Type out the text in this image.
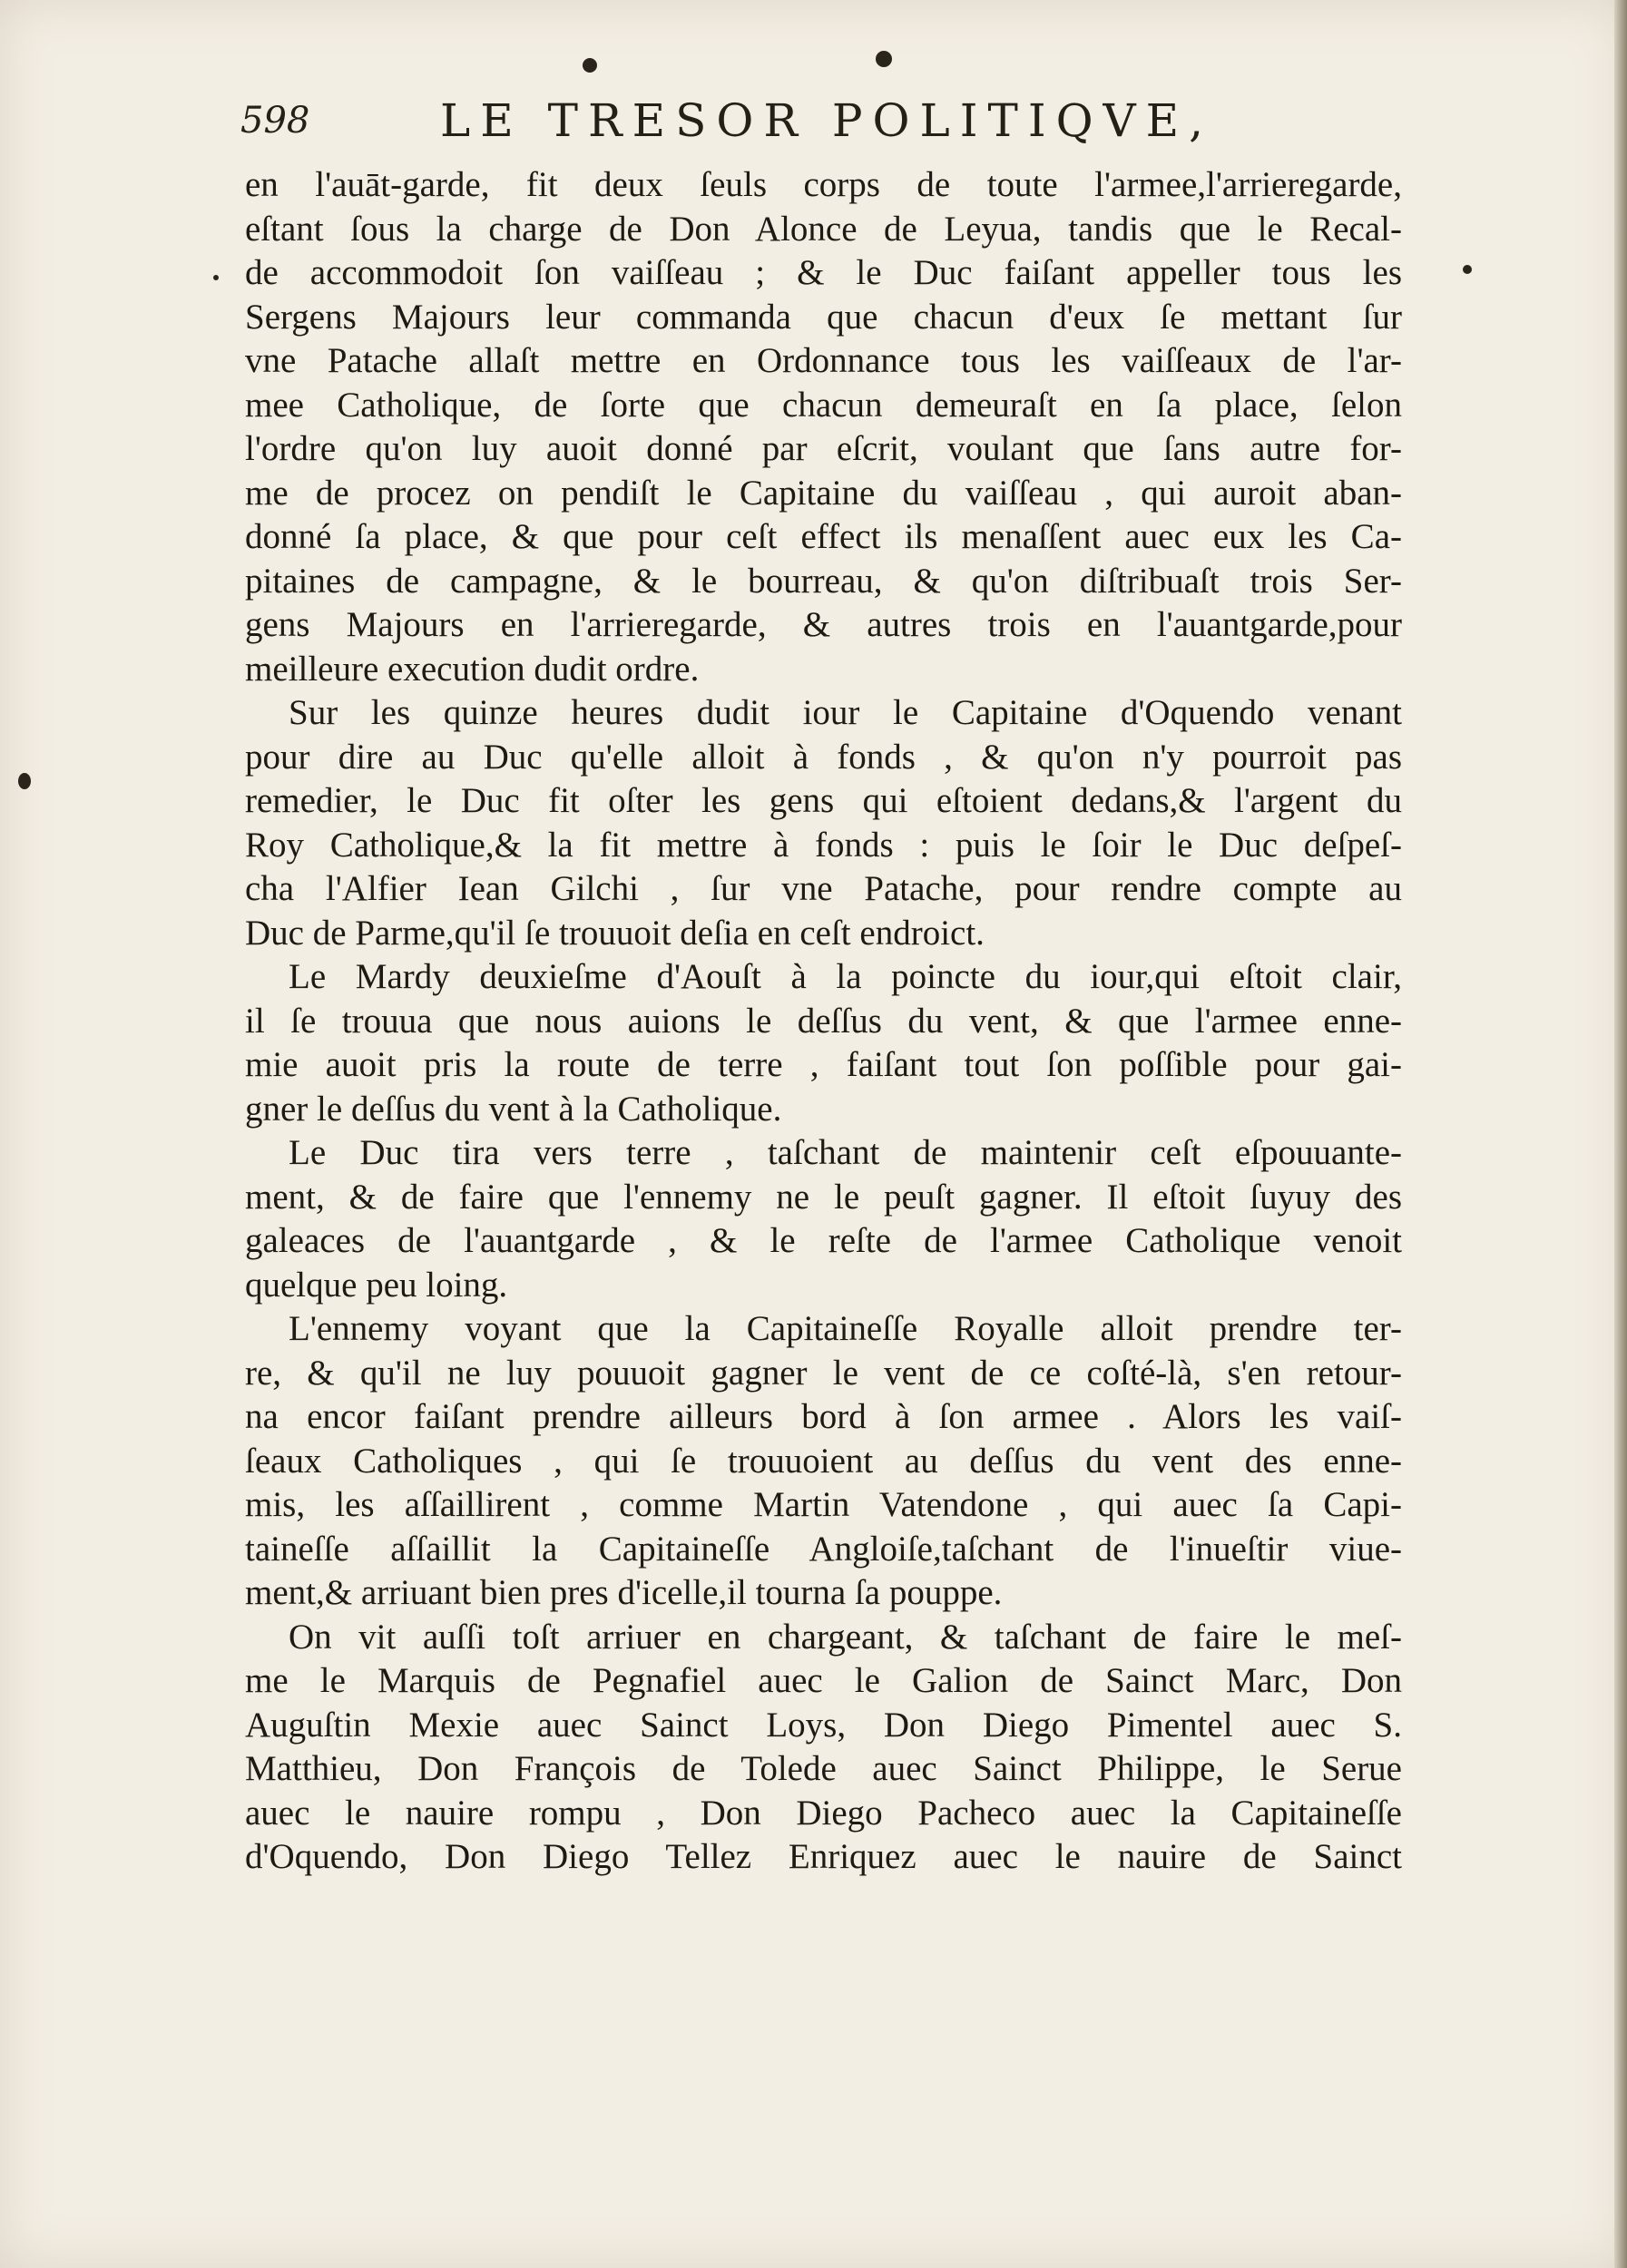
598	LE TRESOR POLITIQVE,
en l'auāt-garde, fit deux ſeuls corps de toute l'armee,l'arrieregarde,
eſtant ſous la charge de Don Alonce de Leyua, tandis que le Recal-
de accommodoit ſon vaiſſeau ; & le Duc faiſant appeller tous les
Sergens Majours leur commanda que chacun d'eux ſe mettant ſur
vne Patache allaſt mettre en Ordonnance tous les vaiſſeaux de l'ar-
mee Catholique, de ſorte que chacun demeuraſt en ſa place, ſelon
l'ordre qu'on luy auoit donné par eſcrit, voulant que ſans autre for-
me de procez on pendiſt le Capitaine du vaiſſeau , qui auroit aban-
donné ſa place, & que pour ceſt effect ils menaſſent auec eux les Ca-
pitaines de campagne, & le bourreau, & qu'on diſtribuaſt trois Ser-
gens Majours en l'arrieregarde, & autres trois en l'auantgarde,pour
meilleure execution dudit ordre.
Sur les quinze heures dudit iour le Capitaine d'Oquendo venant
pour dire au Duc qu'elle alloit à fonds , & qu'on n'y pourroit pas
remedier, le Duc fit oſter les gens qui eſtoient dedans,& l'argent du
Roy Catholique,& la fit mettre à fonds : puis le ſoir le Duc deſpeſ-
cha l'Alfier Iean Gilchi , ſur vne Patache, pour rendre compte au
Duc de Parme,qu'il ſe trouuoit deſia en ceſt endroict.
Le Mardy deuxieſme d'Aouſt à la poincte du iour,qui eſtoit clair,
il ſe trouua que nous auions le deſſus du vent, & que l'armee enne-
mie auoit pris la route de terre , faiſant tout ſon poſſible pour gai-
gner le deſſus du vent à la Catholique.
Le Duc tira vers terre , taſchant de maintenir ceſt eſpouuante-
ment, & de faire que l'ennemy ne le peuſt gagner. Il eſtoit ſuyuy des
galeaces de l'auantgarde , & le reſte de l'armee Catholique venoit
quelque peu loing.
L'ennemy voyant que la Capitaineſſe Royalle alloit prendre ter-
re, & qu'il ne luy pouuoit gagner le vent de ce coſté-là, s'en retour-
na encor faiſant prendre ailleurs bord à ſon armee . Alors les vaiſ-
ſeaux Catholiques , qui ſe trouuoient au deſſus du vent des enne-
mis, les aſſaillirent , comme Martin Vatendone , qui auec ſa Capi-
taineſſe aſſaillit la Capitaineſſe Angloiſe,taſchant de l'inueſtir viue-
ment,& arriuant bien pres d'icelle,il tourna ſa pouppe.
On vit auſſi toſt arriuer en chargeant, & taſchant de faire le meſ-
me le Marquis de Pegnafiel auec le Galion de Sainct Marc, Don
Auguſtin Mexie auec Sainct Loys, Don Diego Pimentel auec S.
Matthieu, Don François de Tolede auec Sainct Philippe, le Serue
auec le nauire rompu , Don Diego Pacheco auec la Capitaineſſe
d'Oquendo, Don Diego Tellez Enriquez auec le nauire de Sainct
